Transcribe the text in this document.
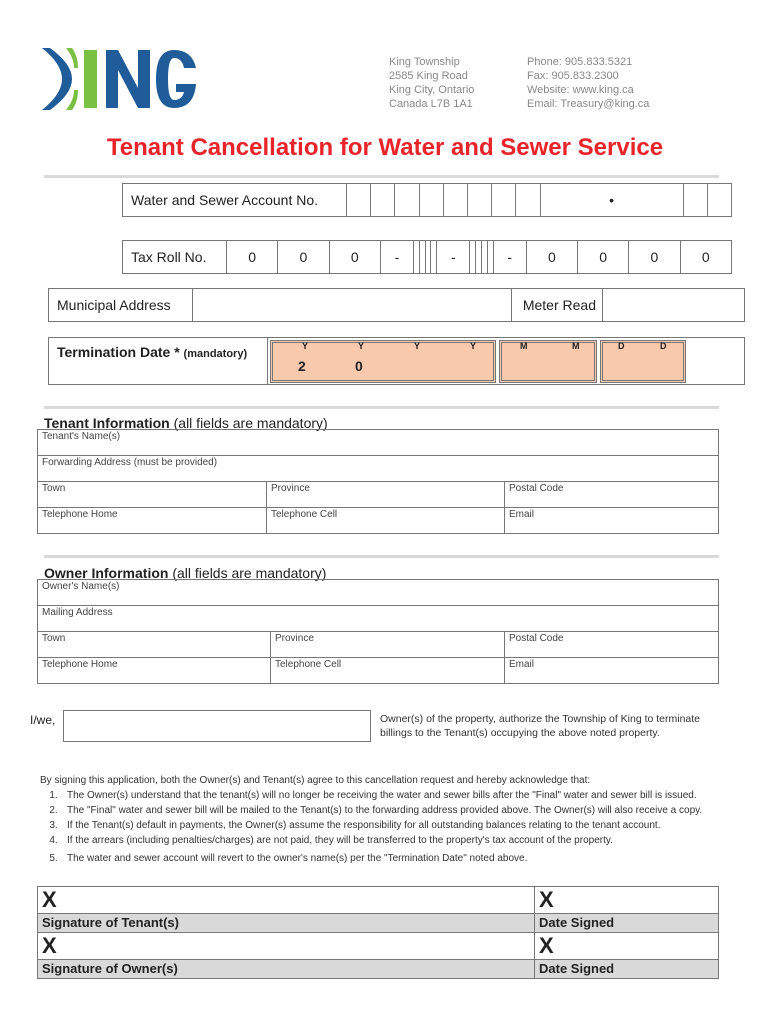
King Township
2585 King Road
King City, Ontario
Canada L7B 1A1
Phone: 905.833.5321
Fax: 905.833.2300
Website: www.king.ca
Email: Treasury@king.ca
Tenant Cancellation for Water and Sewer Service
Water and Sewer Account No.									•		
Tax Roll No.	0	0	0	-					-					-	0	0	0	0
Municipal Address		Meter Read	
Termination Date * (mandatory)
Y	Y	Y	Y	M	M	D	D
2	0
Tenant Information (all fields are mandatory)
Tenant's Name(s)		
Forwarding Address (must be provided)		
Town	Province	Postal Code
Telephone Home	Telephone Cell	Email
Owner Information (all fields are mandatory)
Owner's Name(s)		
Mailing Address		
Town	Province	Postal Code
Telephone Home	Telephone Cell	Email
I/we,	Owner(s) of the property, authorize the Township of King to terminate billings to the Tenant(s) occupying the above noted property.
By signing this application, both the Owner(s) and Tenant(s) agree to this cancellation request and hereby acknowledge that:
1. The Owner(s) understand that the tenant(s) will no longer be receiving the water and sewer bills after the "Final" water and sewer bill is issued.
2. The "Final" water and sewer bill will be mailed to the Tenant(s) to the forwarding address provided above. The Owner(s) will also receive a copy.
3. If the Tenant(s) default in payments, the Owner(s) assume the responsibility for all outstanding balances relating to the tenant account.
4. If the arrears (including penalties/charges) are not paid, they will be transferred to the property's tax account of the property.
5. The water and sewer account will revert to the owner's name(s) per the "Termination Date" noted above.
X	X
Signature of Tenant(s)	Date Signed
X	X
Signature of Owner(s)	Date Signed
